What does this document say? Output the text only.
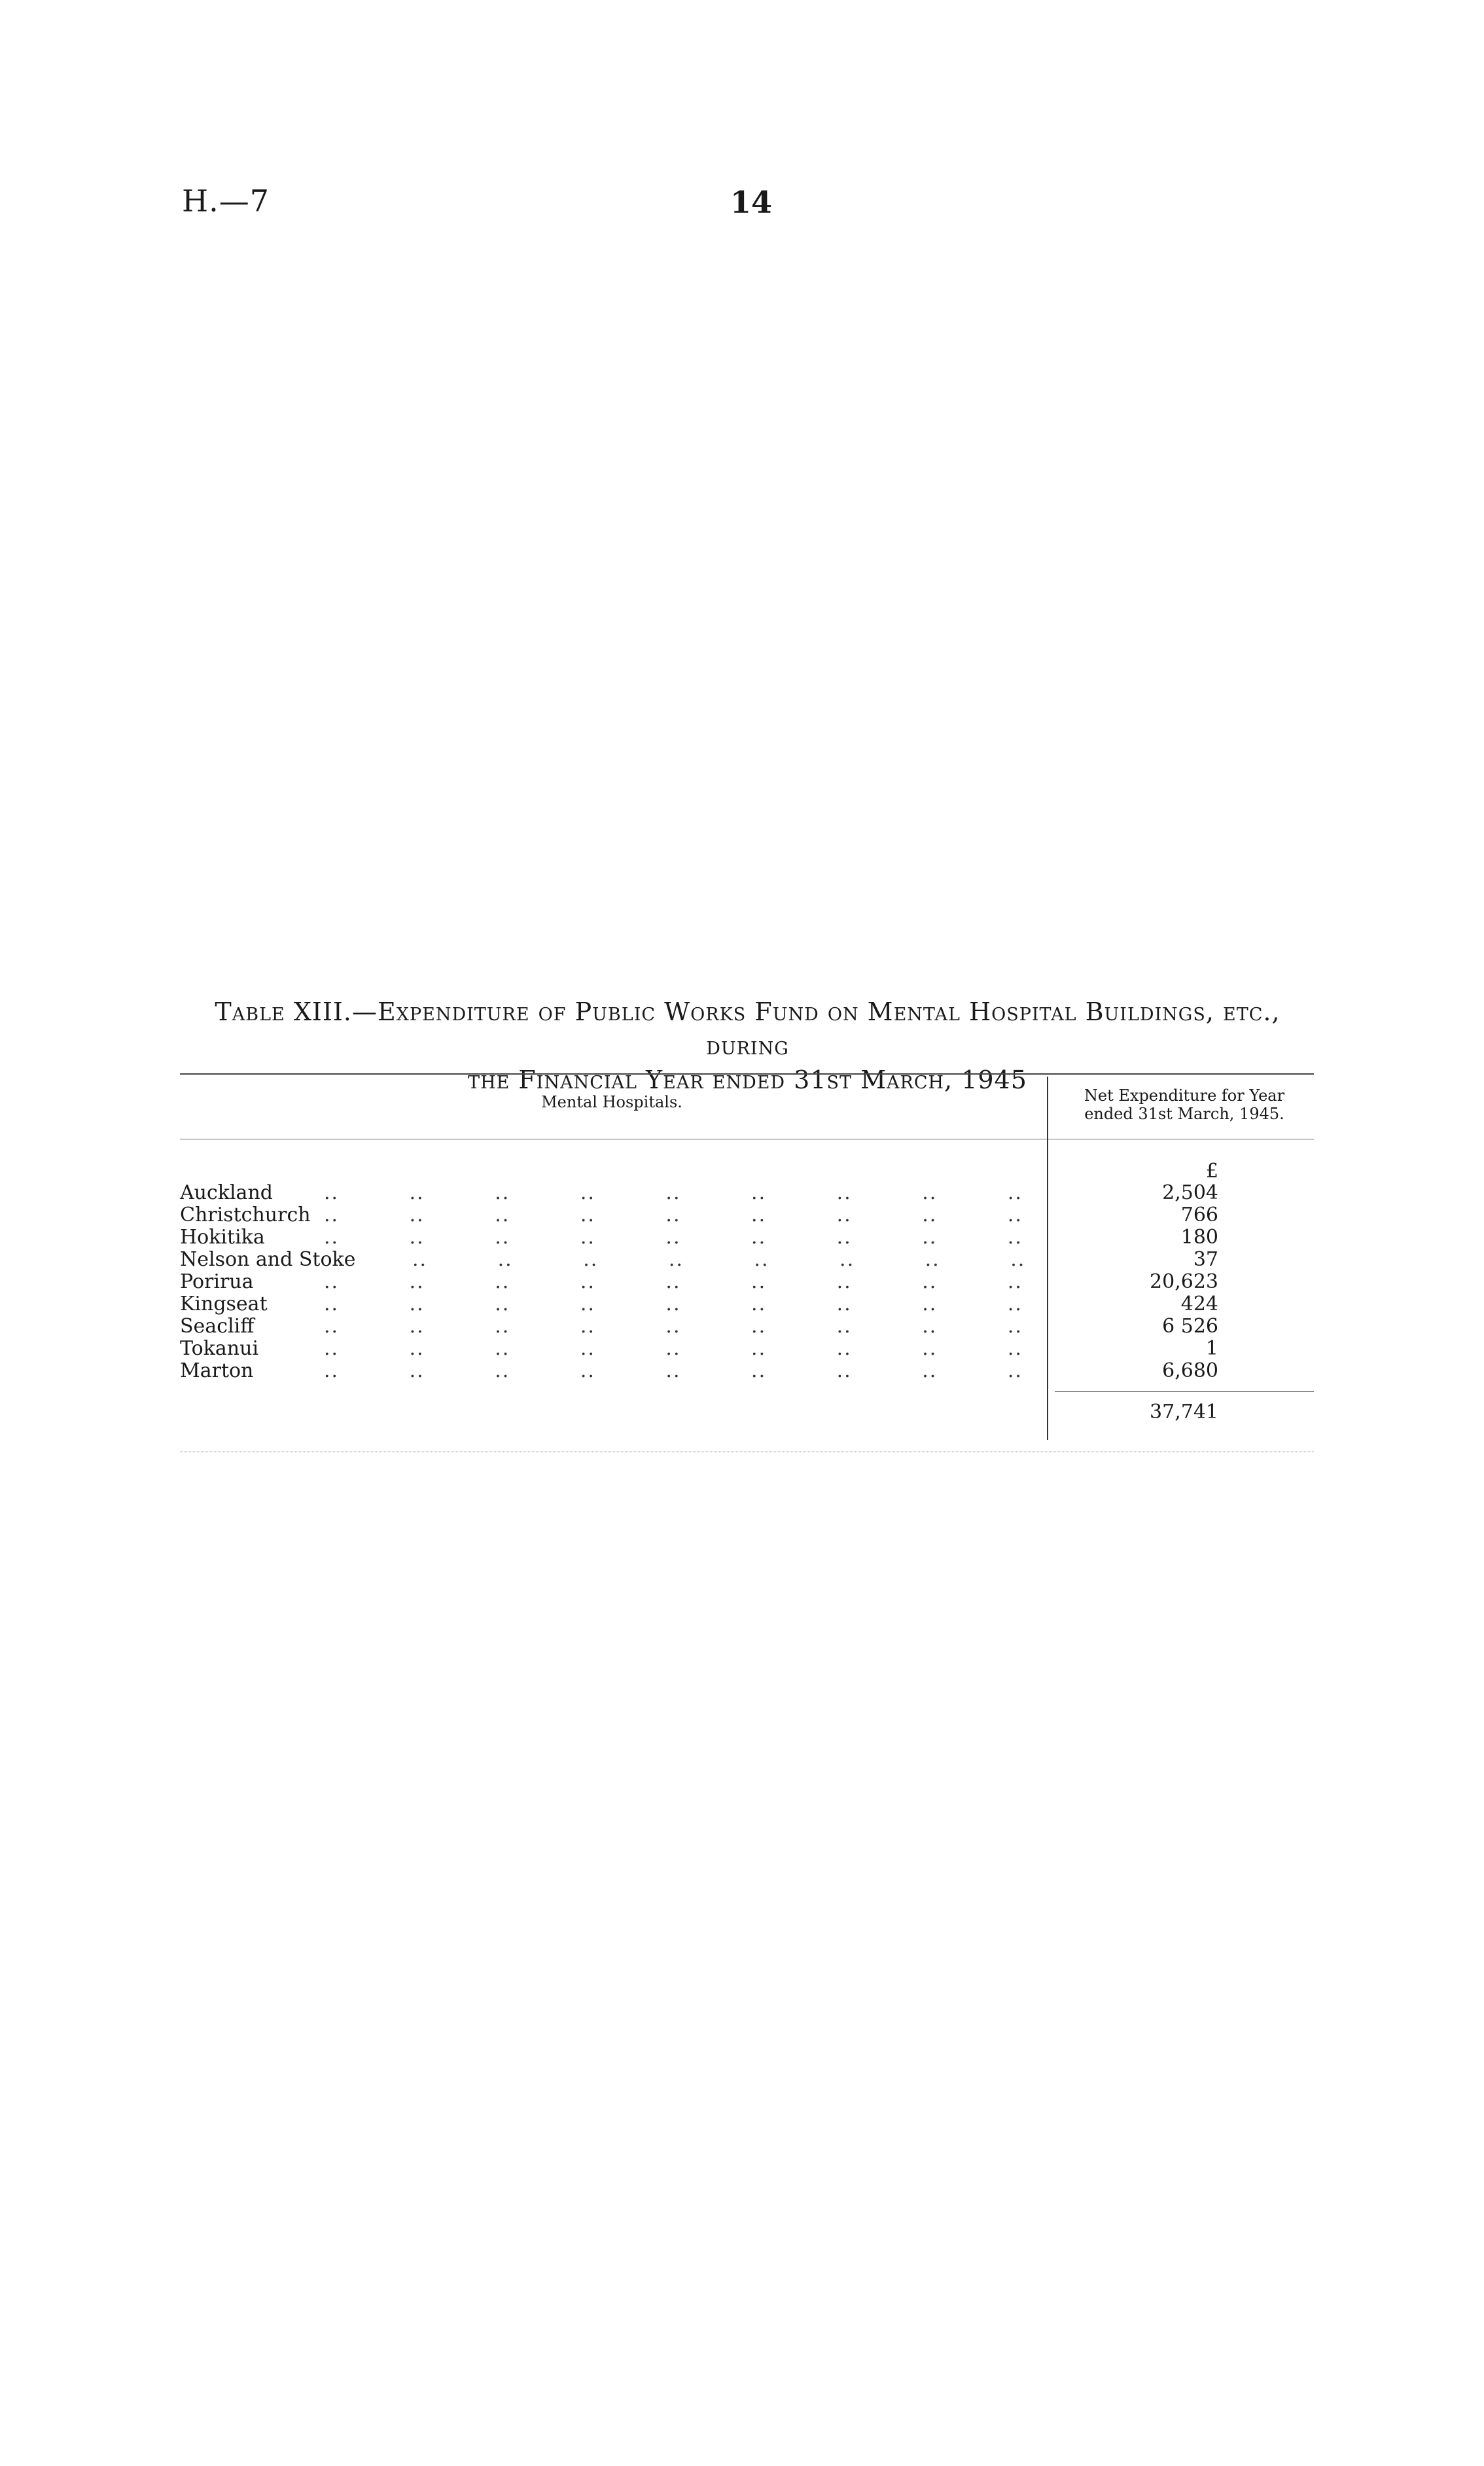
H.—7	14
Table XIII.—Expenditure of Public Works Fund on Mental Hospital Buildings, etc., during
the Financial Year ended 31st March, 1945
Mental Hospitals.	Net Expenditure for Year
ended 31st March, 1945.
£
Auckland	.. .. .. .. .. .. .. .. ..	2,504
Christchurch .. .. .. .. .. .. .. .. ..	766
Hokitika	.. .. .. .. .. .. .. .. ..	180
Nelson and Stoke	.. .. .. .. .. .. .. ..	37
Porirua	.. .. .. .. .. .. .. .. ..	20,623
Kingseat	.. .. .. .. .. .. .. .. ..	424
Seacliff	.. .. .. .. .. .. .. .. ..	6 526
Tokanui	.. .. .. .. .. .. .. .. ..	1
Marton	.. .. .. .. .. .. .. .. ..	6,680
37,741
